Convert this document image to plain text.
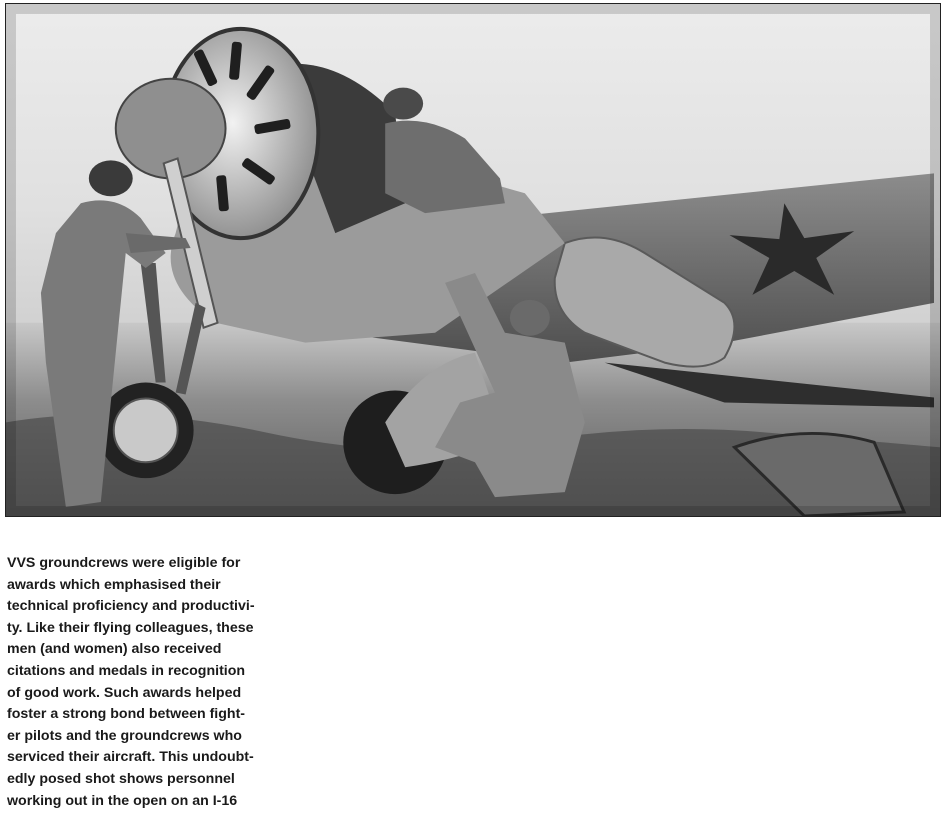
VVS groundcrews were eligible for
awards which emphasised their
technical proficiency and productivi-
ty. Like their flying colleagues, these
men (and women) also received
citations and medals in recognition
of good work. Such awards helped
foster a strong bond between fight-
er pilots and the groundcrews who
serviced their aircraft. This undoubt-
edly posed shot shows personnel
working out in the open on an I-16
